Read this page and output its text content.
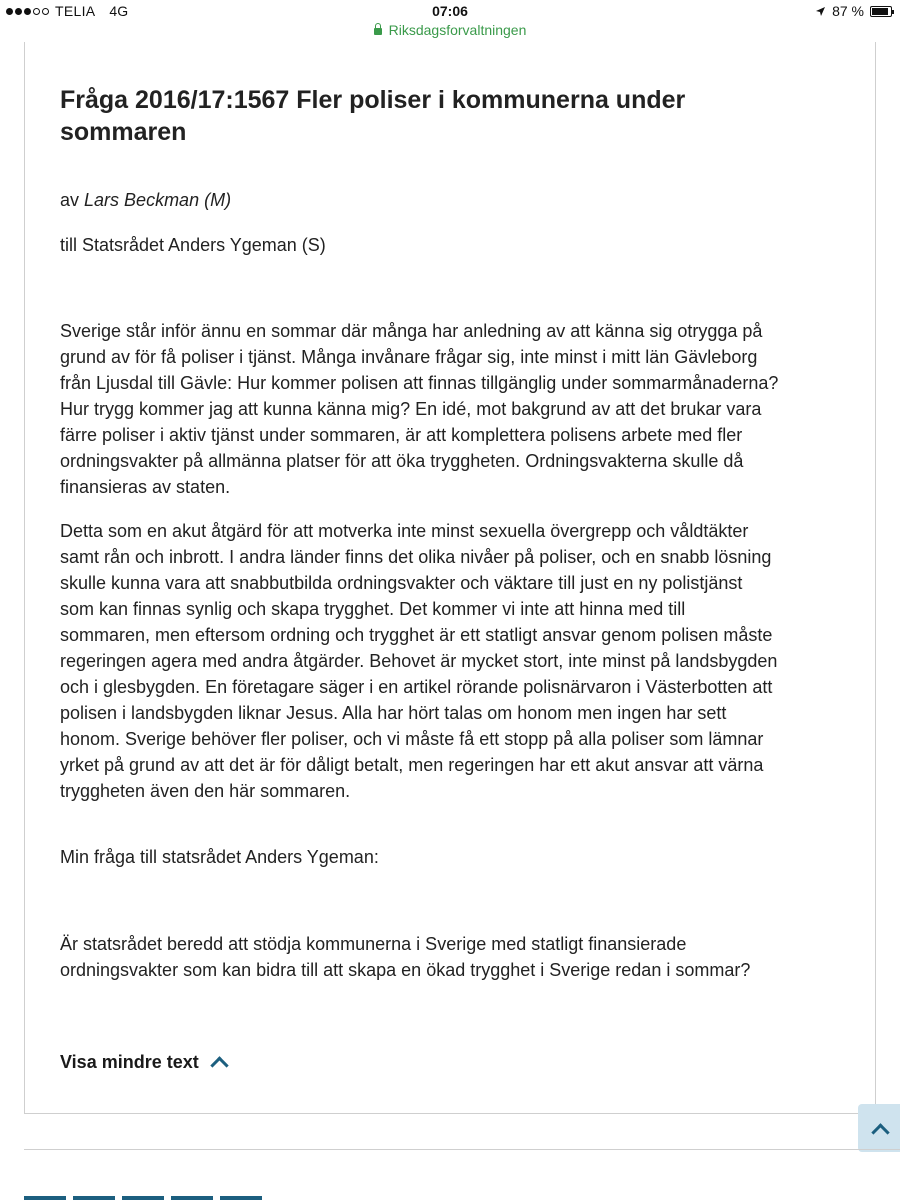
TELIA 4G	07:06	87 %
Riksdagsforvaltningen
Fråga 2016/17:1567 Fler poliser i kommunerna under sommaren

av Lars Beckman (M)

till Statsrådet Anders Ygeman (S)

Sverige står inför ännu en sommar där många har anledning av att känna sig otrygga på grund av för få poliser i tjänst. Många invånare frågar sig, inte minst i mitt län Gävleborg från Ljusdal till Gävle: Hur kommer polisen att finnas tillgänglig under sommarmånaderna? Hur trygg kommer jag att kunna känna mig? En idé, mot bakgrund av att det brukar vara färre poliser i aktiv tjänst under sommaren, är att komplettera polisens arbete med fler ordningsvakter på allmänna platser för att öka tryggheten. Ordningsvakterna skulle då finansieras av staten.

Detta som en akut åtgärd för att motverka inte minst sexuella övergrepp och våldtäkter samt rån och inbrott. I andra länder finns det olika nivåer på poliser, och en snabb lösning skulle kunna vara att snabbutbilda ordningsvakter och väktare till just en ny polistjänst som kan finnas synlig och skapa trygghet. Det kommer vi inte att hinna med till sommaren, men eftersom ordning och trygghet är ett statligt ansvar genom polisen måste regeringen agera med andra åtgärder. Behovet är mycket stort, inte minst på landsbygden och i glesbygden. En företagare säger i en artikel rörande polisnärvaron i Västerbotten att polisen i landsbygden liknar Jesus. Alla har hört talas om honom men ingen har sett honom. Sverige behöver fler poliser, och vi måste få ett stopp på alla poliser som lämnar yrket på grund av att det är för dåligt betalt, men regeringen har ett akut ansvar att värna tryggheten även den här sommaren.

Min fråga till statsrådet Anders Ygeman:

Är statsrådet beredd att stödja kommunerna i Sverige med statligt finansierade ordningsvakter som kan bidra till att skapa en ökad trygghet i Sverige redan i sommar?

Visa mindre text
